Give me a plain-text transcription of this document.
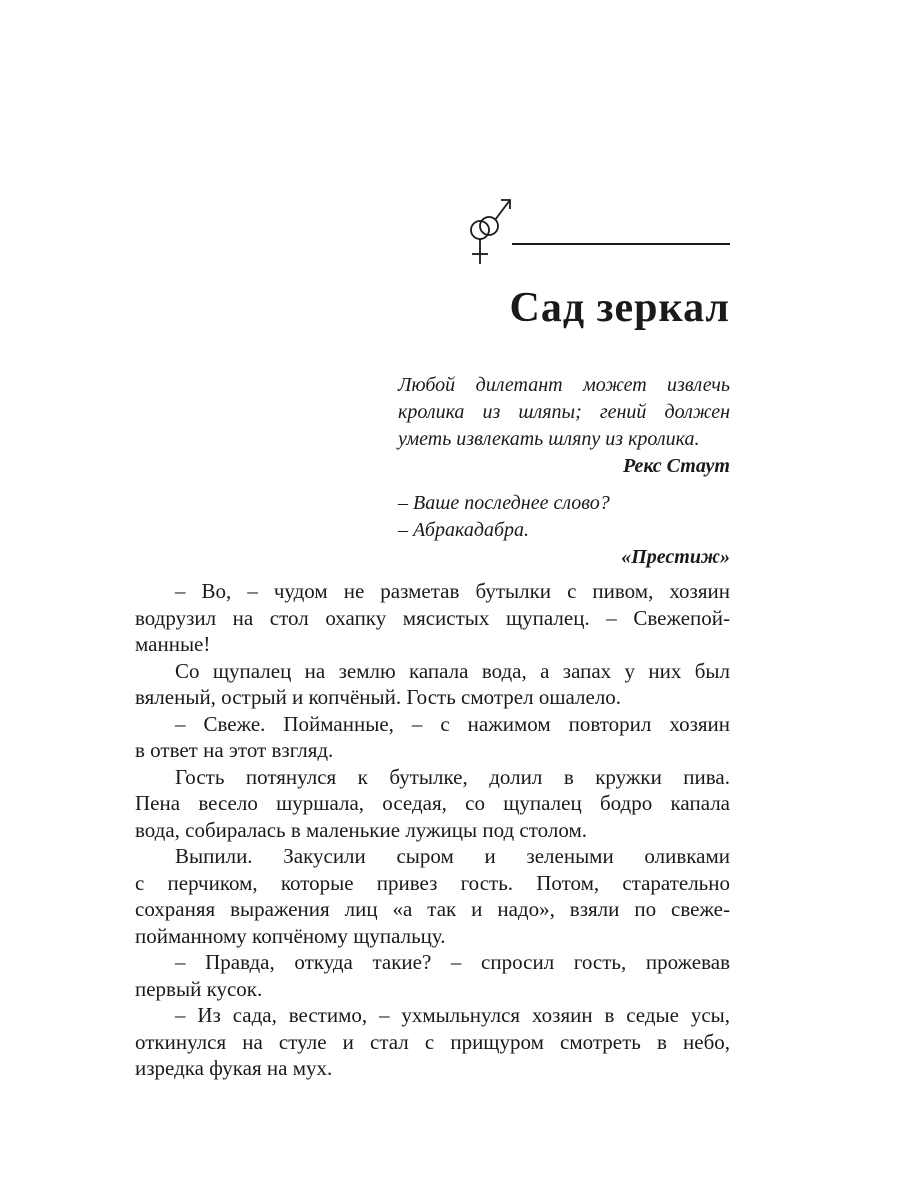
Сад зеркал
Любой дилетант может извлечь
кролика из шляпы; гений должен
уметь извлекать шляпу из кролика.
Рекс Стаут
– Ваше последнее слово?
– Абракадабра.
«Престиж»
– Во, – чудом не разметав бутылки с пивом, хозяин
водрузил на стол охапку мясистых щупалец. – Свежепой-
манные!
Со щупалец на землю капала вода, а запах у них был
вяленый, острый и копчёный. Гость смотрел ошалело.
– Свеже. Пойманные, – с нажимом повторил хозяин
в ответ на этот взгляд.
Гость потянулся к бутылке, долил в кружки пива.
Пена весело шуршала, оседая, со щупалец бодро капала
вода, собиралась в маленькие лужицы под столом.
Выпили. Закусили сыром и зелеными оливками
с перчиком, которые привез гость. Потом, старательно
сохраняя выражения лиц «а так и надо», взяли по свеже-
пойманному копчёному щупальцу.
– Правда, откуда такие? – спросил гость, прожевав
первый кусок.
– Из сада, вестимо, – ухмыльнулся хозяин в седые усы,
откинулся на стуле и стал с прищуром смотреть в небо,
изредка фукая на мух.
